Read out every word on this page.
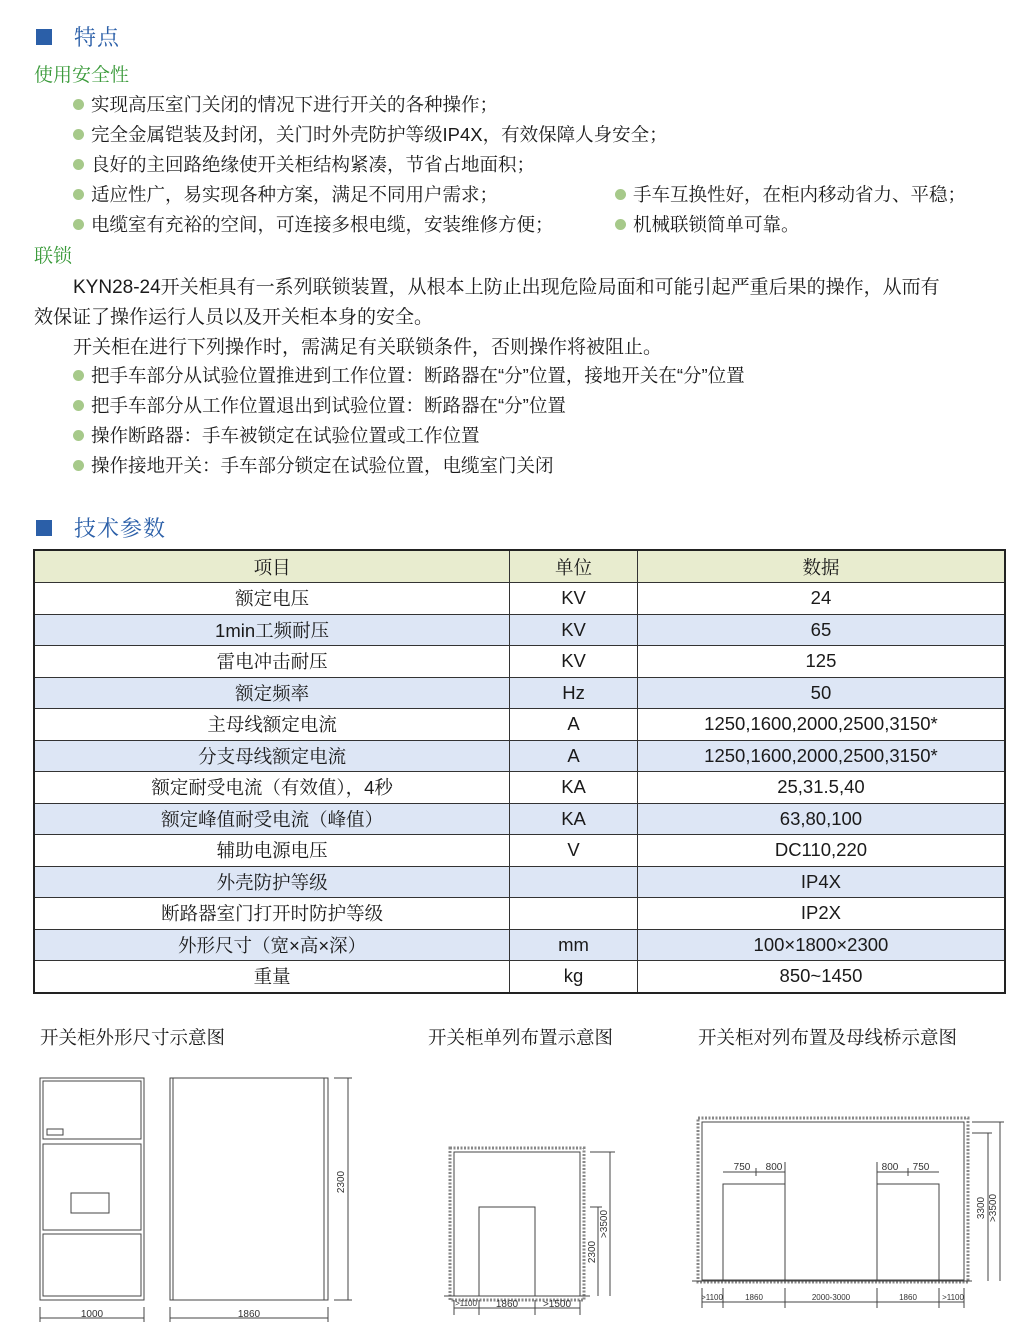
特点
使用安全性
实现高压室门关闭的情况下进行开关的各种操作；
完全金属铠装及封闭，关门时外壳防护等级IP4X，有效保障人身安全；
良好的主回路绝缘使开关柜结构紧凑，节省占地面积；
适应性广，易实现各种方案，满足不同用户需求；
电缆室有充裕的空间，可连接多根电缆，安装维修方便；
手车互换性好，在柜内移动省力、平稳；
机械联锁简单可靠。
联锁
KYN28-24开关柜具有一系列联锁装置，从根本上防止出现危险局面和可能引起严重后果的操作，从而有
效保证了操作运行人员以及开关柜本身的安全。
开关柜在进行下列操作时，需满足有关联锁条件，否则操作将被阻止。
把手车部分从试验位置推进到工作位置：断路器在“分”位置，接地开关在“分”位置
把手车部分从工作位置退出到试验位置：断路器在“分”位置
操作断路器：手车被锁定在试验位置或工作位置
操作接地开关：手车部分锁定在试验位置，电缆室门关闭
技术参数
项目	单位	数据
额定电压	KV	24
1min工频耐压	KV	65
雷电冲击耐压	KV	125
额定频率	Hz	50
主母线额定电流	A	1250,1600,2000,2500,3150*
分支母线额定电流	A	1250,1600,2000,2500,3150*
额定耐受电流（有效值），4秒	KA	25,31.5,40
额定峰值耐受电流（峰值）	KA	63,80,100
辅助电源电压	V	DC110,220
外壳防护等级		IP4X
断路器室门打开时防护等级		IP2X
外形尺寸（宽×高×深）	mm	100×1800×2300
重量	kg	850~1450
开关柜外形尺寸示意图	开关柜单列布置示意图	开关柜对列布置及母线桥示意图
1000	1860
2300
>1100 1860 >1500
2300
>3500
750 800	800 750
>1100	1860	2000-3000	1860	>1100
3300 >3500
